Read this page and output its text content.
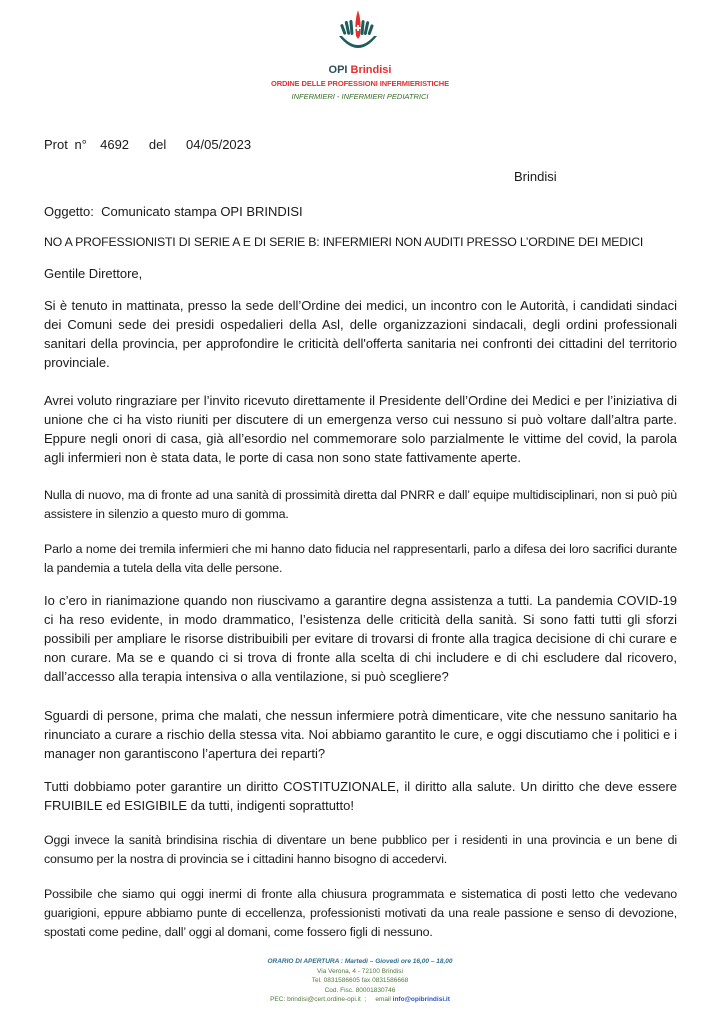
OPI Brindisi
ORDINE DELLE PROFESSIONI INFERMIERISTICHE
INFERMIERI - INFERMIERI PEDIATRICI
Prot n°  4692   del   04/05/2023
Brindisi
Oggetto:  Comunicato stampa OPI BRINDISI
NO A PROFESSIONISTI DI SERIE A E DI SERIE B: INFERMIERI NON AUDITI PRESSO L’ORDINE DEI MEDICI
Gentile Direttore,
Si è tenuto in mattinata, presso la sede dell’Ordine dei medici, un incontro con le Autorità, i candidati sindaci dei Comuni sede dei presidi ospedalieri della Asl, delle organizzazioni sindacali, degli ordini professionali sanitari della provincia, per approfondire le criticità dell'offerta sanitaria nei confronti dei cittadini del territorio provinciale.
Avrei voluto ringraziare per l’invito ricevuto direttamente il Presidente dell’Ordine dei Medici e per l’iniziativa di unione che ci ha visto riuniti per discutere di un emergenza verso cui nessuno si può voltare dall’altra parte. Eppure negli onori di casa, già all’esordio nel commemorare solo parzialmente le vittime del covid, la parola agli infermieri non è stata data, le porte di casa non sono state fattivamente aperte.
Nulla di nuovo, ma di fronte ad una sanità di prossimità diretta dal PNRR e dall’ equipe multidisciplinari, non si può più assistere in silenzio a questo muro di gomma.
Parlo a nome dei tremila infermieri che mi hanno dato fiducia nel rappresentarli, parlo a difesa dei loro sacrifici durante la pandemia a tutela della vita delle persone.
Io c’ero in rianimazione quando non riuscivamo a garantire degna assistenza a tutti. La pandemia COVID-19 ci ha reso evidente, in modo drammatico, l’esistenza delle criticità della sanità. Si sono fatti tutti gli sforzi possibili per ampliare le risorse distribuibili per evitare di trovarsi di fronte alla tragica decisione di chi curare e non curare. Ma se e quando ci si trova di fronte alla scelta di chi includere e di chi escludere dal ricovero, dall’accesso alla terapia intensiva o alla ventilazione, si può scegliere?
Sguardi di persone, prima che malati, che nessun infermiere potrà dimenticare, vite che nessuno sanitario ha rinunciato a curare a rischio della stessa vita. Noi abbiamo garantito le cure, e oggi discutiamo che i politici e i manager non garantiscono l’apertura dei reparti?
Tutti dobbiamo poter garantire un diritto COSTITUZIONALE, il diritto alla salute. Un diritto che deve essere FRUIBILE ed ESIGIBILE da tutti, indigenti soprattutto!
Oggi invece la sanità brindisina rischia di diventare un bene pubblico per i residenti in una provincia e un bene di consumo per la nostra di provincia se i cittadini hanno bisogno di accedervi.
Possibile che siamo qui oggi inermi di fronte alla chiusura programmata e sistematica di posti letto che vedevano guarigioni, eppure abbiamo punte di eccellenza, professionisti motivati da una reale passione e senso di devozione, spostati come pedine, dall’ oggi al domani, come fossero figli di nessuno.
ORARIO DI APERTURA : Martedì – Giovedì ore 16,00 – 18,00
Via Verona, 4 - 72100 Brindisi
Tel. 0831586605 fax 0831586668
Cod. Fisc. 80001830746
PEC: brindisi@cert.ordine-opi.it  ;     email info@opibrindisi.it
